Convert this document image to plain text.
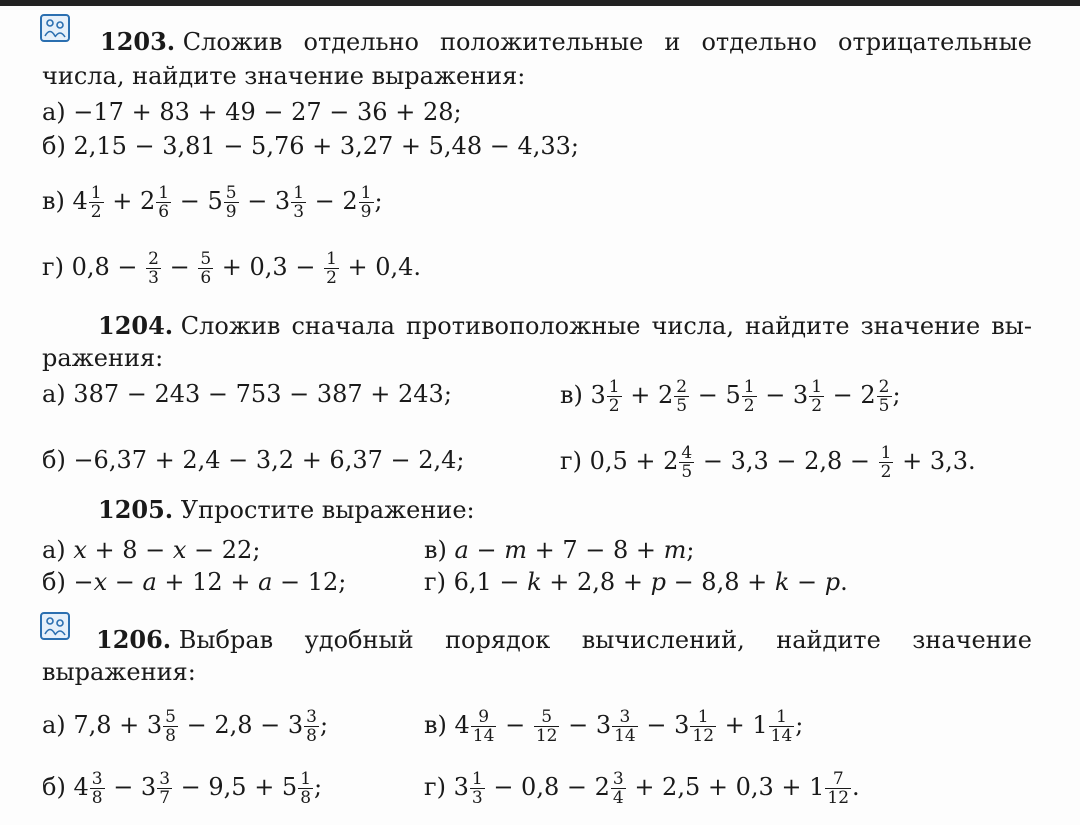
1203. Сложив отдельно положительные и отдельно отрицательные
числа, найдите значение выражения:
а) −17 + 83 + 49 − 27 − 36 + 28;
б) 2,15 − 3,81 − 5,76 + 3,27 + 5,48 − 4,33;
в) $4 \frac{1}{2} + 2 \frac{1}{6} - 5 \frac{5}{9} - 3 \frac{1}{3} - 2 \frac{1}{9}$ ;
г) $0,8 - \frac{2}{3} - \frac{5}{6} + 0,3 - \frac{1}{2} + 0,4$.
1204. Сложив сначала противоположные числа, найдите значение вы-
ражения:
а) 387 − 243 − 753 − 387 + 243;	в) $3 \frac{1}{2} + 2 \frac{2}{5} - 5 \frac{1}{2} - 3 \frac{1}{2} - 2 \frac{2}{5}$ ;
б) −6,37 + 2,4 − 3,2 + 6,37 − 2,4;	г) $0,5 + 2 \frac{4}{5} - 3,3 - 2,8 - \frac{1}{2} + 3,3$.
1205. Упростите выражение:
а) x + 8 − x − 22;	в) a − m + 7 − 8 + m;
б) −x − a + 12 + a − 12;	г) 6,1 − k + 2,8 + p − 8,8 + k − p.
1206. Выбрав удобный порядок вычислений, найдите значение
выражения:
а) $7,8 + 3 \frac{5}{8} - 2,8 - 3 \frac{3}{8}$ ;	в) $4 \frac{9}{14} - \frac{5}{12} - 3 \frac{3}{14} - 3 \frac{1}{12} + 1 \frac{1}{14}$ ;
б) $4 \frac{3}{8} - 3 \frac{3}{7} - 9,5 + 5 \frac{1}{8}$ ;	г) $3 \frac{1}{3} - 0,8 - 2 \frac{3}{4} + 2,5 + 0,3 + 1 \frac{7}{12}$ .
